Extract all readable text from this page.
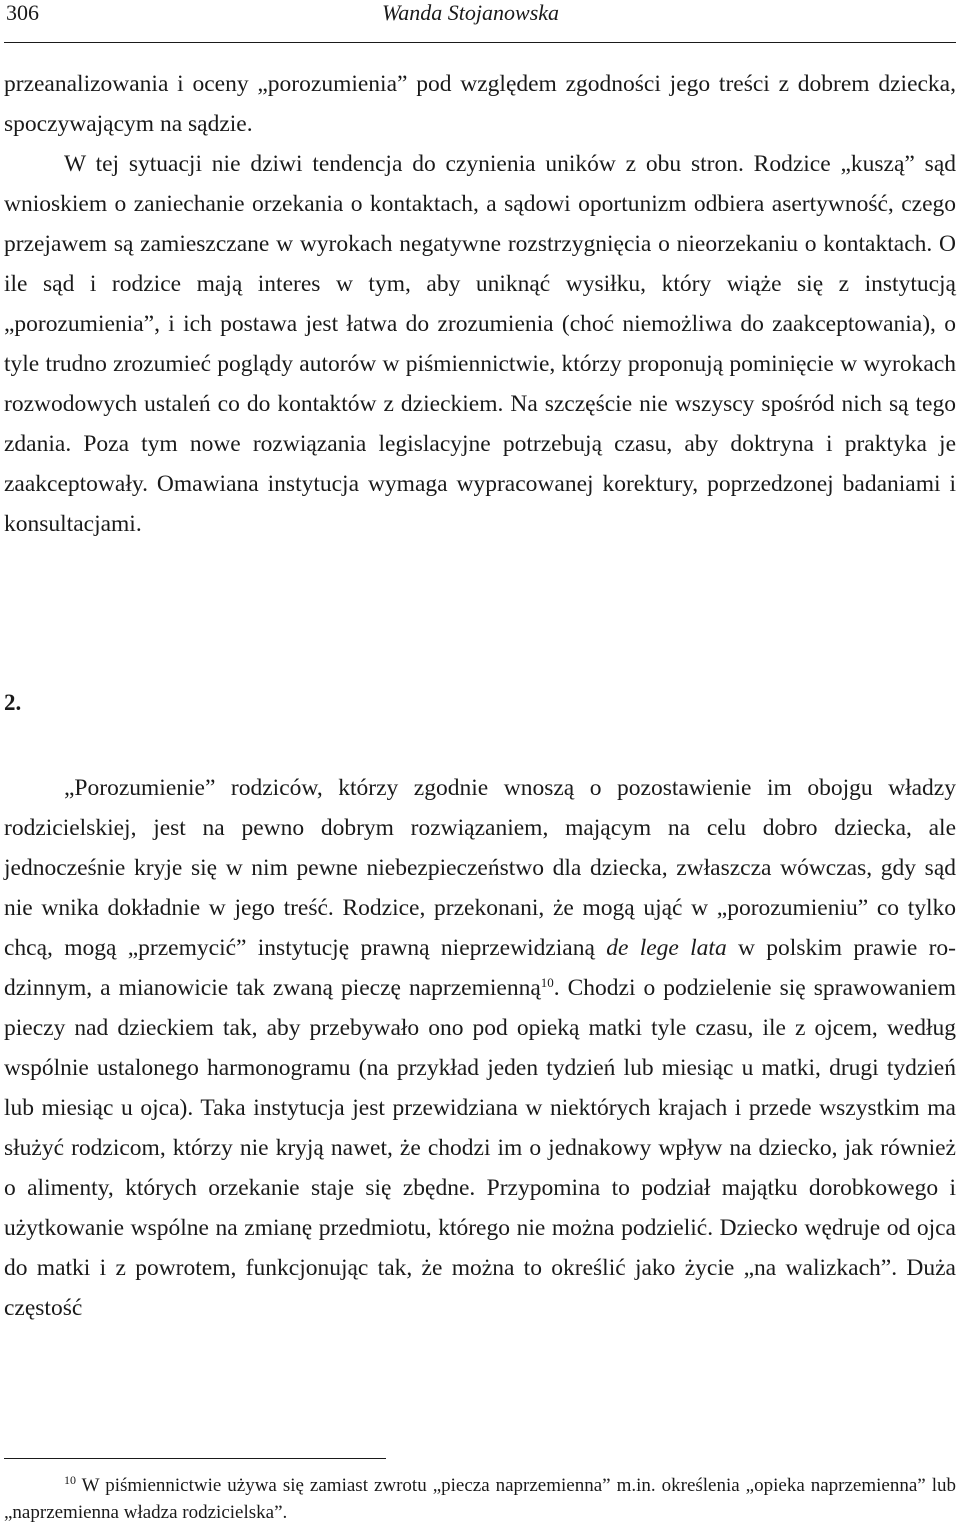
306	Wanda Stojanowska

przeanalizowania i oceny „porozumienia” pod względem zgodności jego treści z dobrem dziecka, spoczywającym na sądzie.

W tej sytuacji nie dziwi tendencja do czynienia uników z obu stron. Rodzice „kuszą” sąd wnioskiem o zaniechanie orzekania o kontaktach, a sądowi oportunizm odbiera asertywność, czego przejawem są zamieszczane w wyrokach negatywne rozstrzygnięcia o nieorzekaniu o kontaktach. O ile sąd i rodzice mają interes w tym, aby uniknąć wysiłku, który wiąże się z instytucją „porozumienia”, i ich postawa jest łatwa do zrozumienia (choć niemożliwa do zaakceptowania), o tyle trudno zrozumieć poglądy autorów w piśmiennictwie, którzy proponują pominięcie w wyrokach rozwodowych ustaleń co do kontaktów z dzieckiem. Na szczęście nie wszyscy spośród nich są tego zdania. Poza tym nowe rozwiązania legislacyjne potrzebują czasu, aby doktryna i praktyka je zaakceptowały. Omawiana instytucja wymaga wypracowanej korektury, poprzedzonej badaniami i konsultacjami.

2.

„Porozumienie” rodziców, którzy zgodnie wnoszą o pozostawienie im obojgu władzy rodzicielskiej, jest na pewno dobrym rozwiązaniem, mającym na celu dobro dziecka, ale jednocześnie kryje się w nim pewne niebezpieczeństwo dla dziecka, zwłaszcza wówczas, gdy sąd nie wnika dokładnie w jego treść. Rodzice, przekonani, że mogą ująć w „porozumieniu” co tylko chcą, mogą „przemycić” instytucję prawną nieprzewidzianą de lege lata w polskim prawie rodzinnym, a mianowicie tak zwaną pieczę naprzemienną$^{10}$. Chodzi o podzielenie się sprawowaniem pieczy nad dzieckiem tak, aby przebywało ono pod opieką matki tyle czasu, ile z ojcem, według wspólnie ustalonego harmonogramu (na przykład jeden tydzień lub miesiąc u matki, drugi tydzień lub miesiąc u ojca). Taka instytucja jest przewidziana w niektórych krajach i przede wszystkim ma służyć rodzicom, którzy nie kryją nawet, że chodzi im o jednakowy wpływ na dziecko, jak również o alimenty, których orzekanie staje się zbędne. Przypomina to podział majątku dorobkowego i użytkowanie wspólne na zmianę przedmiotu, którego nie można podzielić. Dziecko wędruje od ojca do matki i z powrotem, funkcjonując tak, że można to określić jako życie „na walizkach”. Duża częstość

$^{10}$ W piśmiennictwie używa się zamiast zwrotu „piecza naprzemienna” m.in. określenia „opieka naprzemienna” lub „naprzemienna władza rodzicielska”.
